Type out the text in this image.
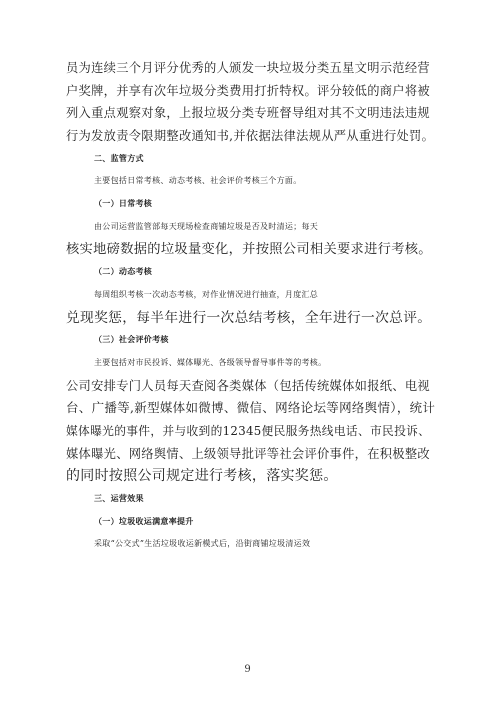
员为连续三个月评分优秀的人颁发一块垃圾分类五星文明示范经营
户奖牌，并享有次年垃圾分类费用打折特权。评分较低的商户将被
列入重点观察对象，上报垃圾分类专班督导组对其不文明违法违规
行为发放责令限期整改通知书,并依据法律法规从严从重进行处罚。
二、监管方式
主要包括日常考核、动态考核、社会评价考核三个方面。
（一）日常考核
由公司运营监管部每天现场检查商铺垃圾是否及时清运；每天
核实地磅数据的垃圾量变化，并按照公司相关要求进行考核。
（二）动态考核
每周组织考核一次动态考核，对作业情况进行抽查，月度汇总
兑现奖惩，每半年进行一次总结考核，全年进行一次总评。
（三）社会评价考核
主要包括对市民投诉、媒体曝光、各级领导督导事件等的考核。
公司安排专门人员每天查阅各类媒体（包括传统媒体如报纸、电视
台、广播等,新型媒体如微博、微信、网络论坛等网络舆情），统计
媒体曝光的事件，并与收到的12345便民服务热线电话、市民投诉、
媒体曝光、网络舆情、上级领导批评等社会评价事件，在积极整改
的同时按照公司规定进行考核，落实奖惩。
三、运营效果
（一）垃圾收运满意率提升
采取“公交式”生活垃圾收运新模式后，沿街商铺垃圾清运效
9
